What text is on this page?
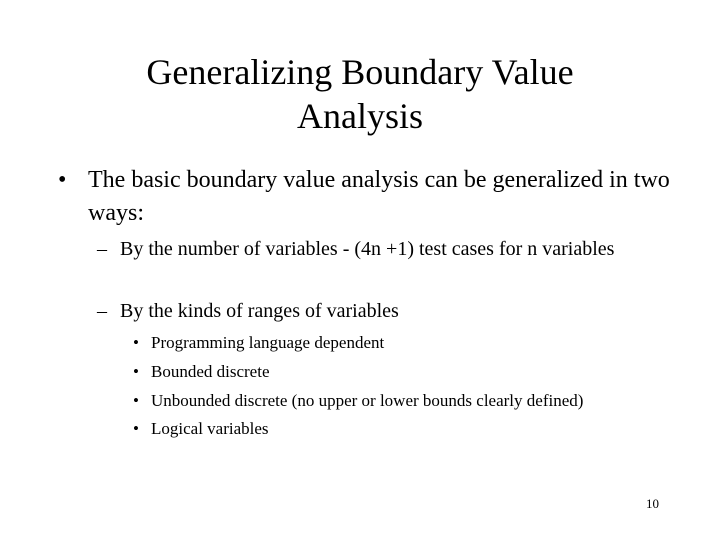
Generalizing Boundary Value
Analysis
• The basic boundary value analysis can be generalized in two ways:
– By the number of variables - (4n +1) test cases for n variables
– By the kinds of ranges of variables
• Programming language dependent
• Bounded discrete
• Unbounded discrete (no upper or lower bounds clearly defined)
• Logical variables
10
